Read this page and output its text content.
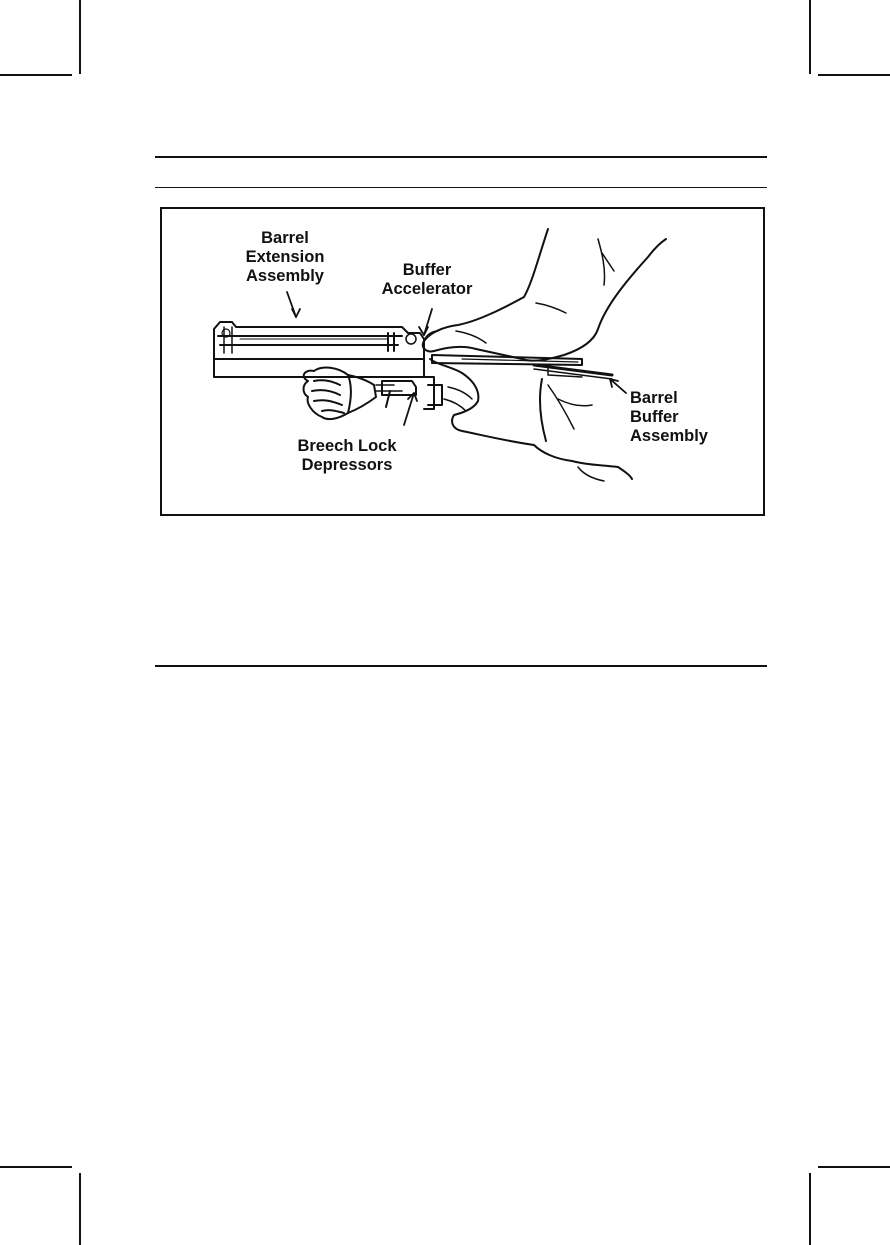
Barrel
Extension
Assembly	Buffer
Accelerator
Breech Lock
Depressors
Barrel
Buffer
Assembly
